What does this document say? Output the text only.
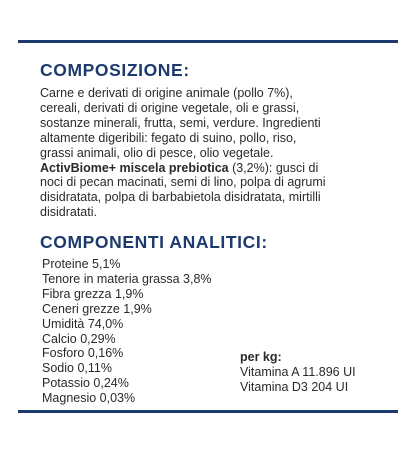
COMPOSIZIONE:
Carne e derivati di origine animale (pollo 7%),
cereali, derivati di origine vegetale, oli e grassi,
sostanze minerali, frutta, semi, verdure. Ingredienti
altamente digeribili: fegato di suino, pollo, riso,
grassi animali, olio di pesce, olio vegetale.
ActivBiome+ miscela prebiotica (3,2%): gusci di
noci di pecan macinati, semi di lino, polpa di agrumi
disidratata, polpa di barbabietola disidratata, mirtilli
disidratati.
COMPONENTI ANALITICI:
Proteine 5,1%
Tenore in materia grassa 3,8%
Fibra grezza 1,9%
Ceneri grezze 1,9%
Umidità 74,0%
Calcio 0,29%
Fosforo 0,16%
Sodio 0,11%
Potassio 0,24%
Magnesio 0,03%
per kg:
Vitamina A 11.896 UI
Vitamina D3 204 UI
